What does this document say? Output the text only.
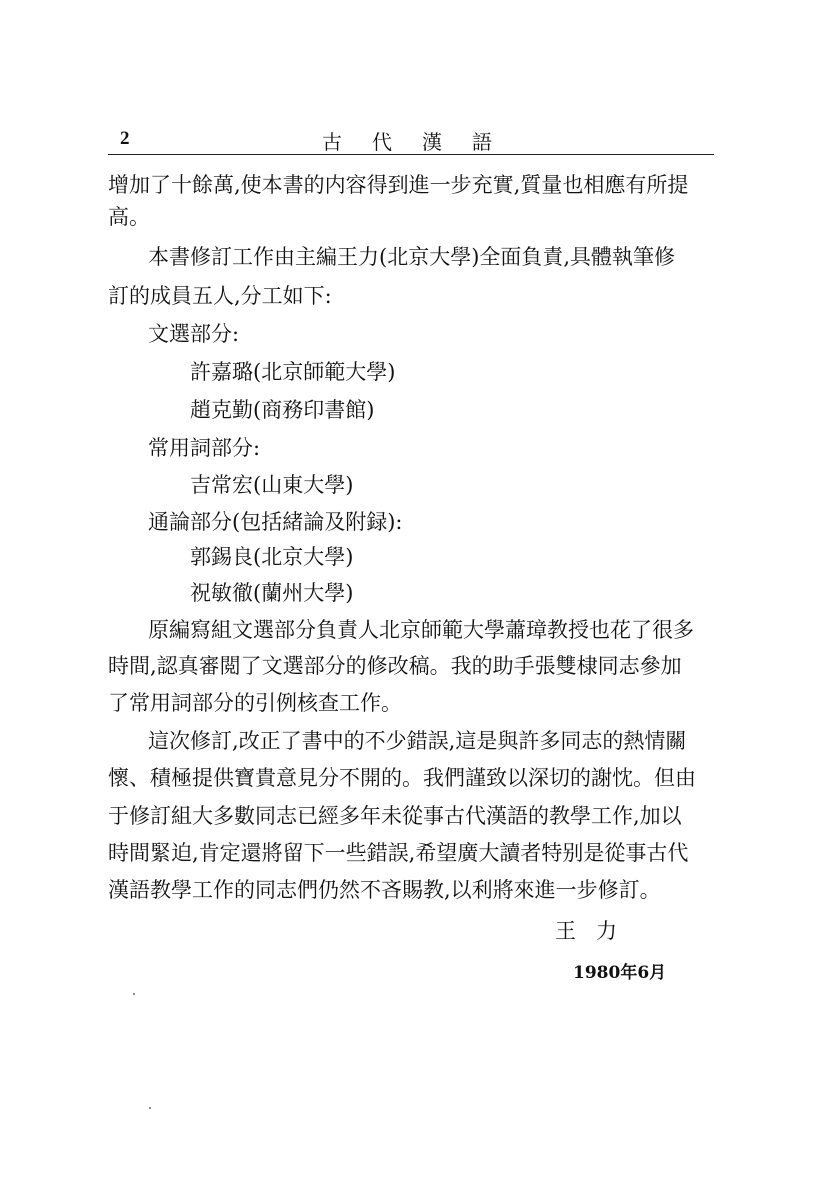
2	古代漢語
增加了十餘萬,使本書的内容得到進一步充實,質量也相應有所提
高。
本書修訂工作由主編王力(北京大學)全面負責,具體執筆修
訂的成員五人,分工如下:
文選部分:
許嘉璐(北京師範大學)
趙克勤(商務印書館)
常用詞部分:
吉常宏(山東大學)
通論部分(包括緒論及附録):
郭錫良(北京大學)
祝敏徹(蘭州大學)
原編寫組文選部分負責人北京師範大學蕭璋教授也花了很多
時間,認真審閲了文選部分的修改稿。我的助手張雙棣同志參加
了常用詞部分的引例核查工作。
這次修訂,改正了書中的不少錯誤,這是與許多同志的熱情關
懷、積極提供寶貴意見分不開的。我們謹致以深切的謝忱。但由
于修訂組大多數同志已經多年未從事古代漢語的教學工作,加以
時間緊迫,肯定還將留下一些錯誤,希望廣大讀者特别是從事古代
漢語教學工作的同志們仍然不吝賜教,以利將來進一步修訂。
王力
1980年6月
